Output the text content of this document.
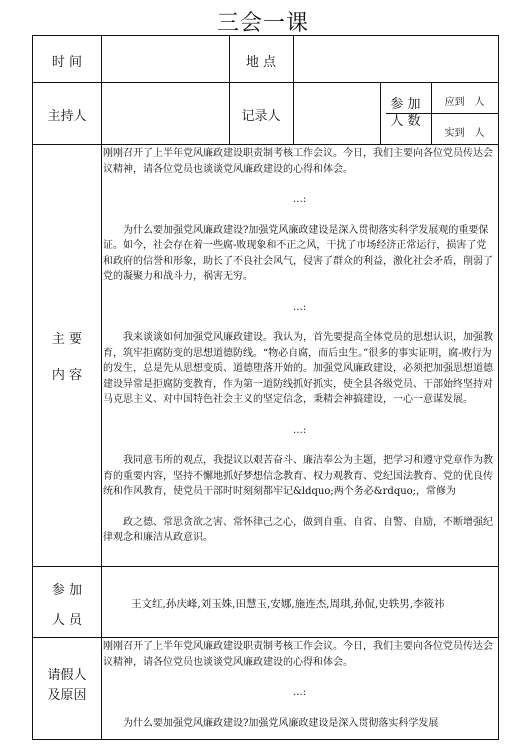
三会一课
时 间	地 点
主持人	记录人
参 加
人 数
应到　人
实到　人
主 要
内 容

刚刚召开了上半年党风廉政建设职责制考核工作会议。今日，我们主要向各位党员传达会议精神，请各位党员也谈谈党风廉政建设的心得和体会。

…:

为什么要加强党风廉政建设?加强党风廉政建设是深入贯彻落实科学发展观的重要保证。如今，社会存在着一些腐-败现象和不正之风，干扰了市场经济正常运行，损害了党和政府的信誉和形象，助长了不良社会风气，侵害了群众的利益，激化社会矛盾，削弱了党的凝聚力和战斗力，祸害无穷。

…:

我来谈谈如何加强党风廉政建设。我认为，首先要提高全体党员的思想认识，加强教育，筑牢拒腐防变的思想道德防线。“物必自腐，而后虫生。”很多的事实证明，腐-败行为的发生，总是先从思想变质、道德堕落开始的。加强党风廉政建设，必须把加强思想道德建设异常是拒腐防变教育，作为第一道防线抓好抓实，使全县各级党员、干部始终坚持对马克思主义、对中国特色社会主义的坚定信念，秉精会神搞建设，一心一意谋发展。

…:

我同意韦所的观点，我提议以艰苦奋斗、廉洁奉公为主题，把学习和遵守党章作为教育的重要内容，坚持不懈地抓好梦想信念教育、权力观教育、党纪国法教育、党的优良传统和作风教育，使党员干部时时刻刻都牢记&ldquo;两个务必&rdquo;，常修为

政之德、常思贪欲之害、常怀律己之心，做到自重、自省、自警、自励，不断增强纪律观念和廉洁从政意识。

参 加
人 员
王文红,孙庆峰,刘玉姝,田慧玉,安娜,施连杰,周琪,孙侃,史轶男,李筱祎
请假人
及原因

刚刚召开了上半年党风廉政建设职责制考核工作会议。今日，我们主要向各位党员传达会议精神，请各位党员也谈谈党风廉政建设的心得和体会。

…:

为什么要加强党风廉政建设?加强党风廉政建设是深入贯彻落实科学发展
